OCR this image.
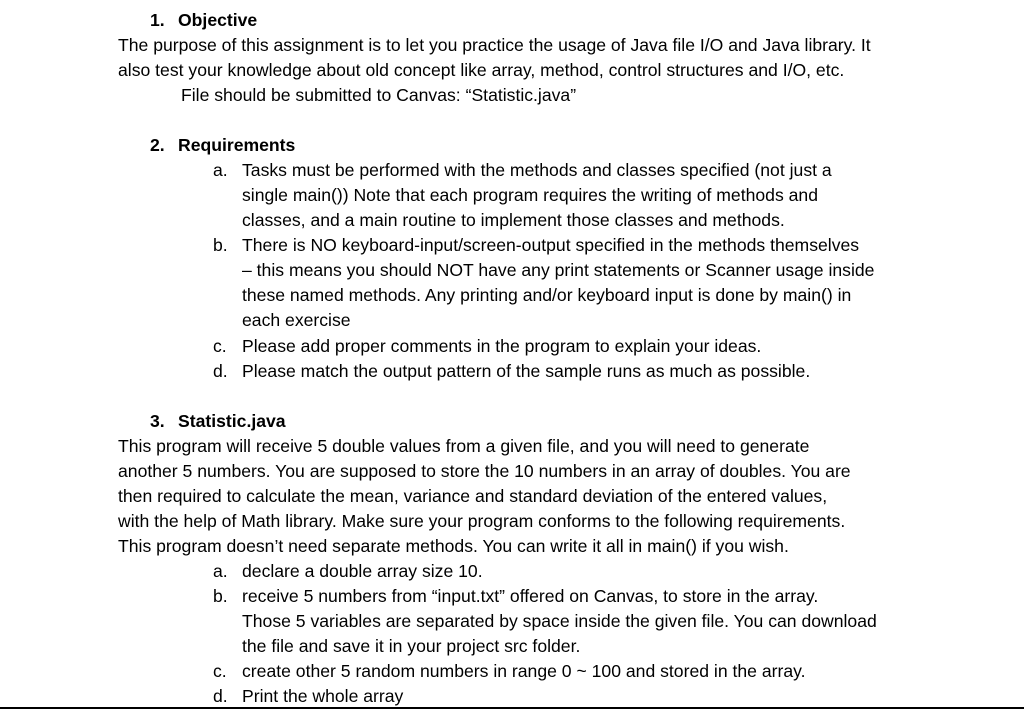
1. Objective
The purpose of this assignment is to let you practice the usage of Java file I/O and Java library. It
also test your knowledge about old concept like array, method, control structures and I/O, etc.
File should be submitted to Canvas: “Statistic.java”
2. Requirements
a. Tasks must be performed with the methods and classes specified (not just a
single main()) Note that each program requires the writing of methods and
classes, and a main routine to implement those classes and methods.
b. There is NO keyboard-input/screen-output specified in the methods themselves
– this means you should NOT have any print statements or Scanner usage inside
these named methods. Any printing and/or keyboard input is done by main() in
each exercise
c. Please add proper comments in the program to explain your ideas.
d. Please match the output pattern of the sample runs as much as possible.
3. Statistic.java
This program will receive 5 double values from a given file, and you will need to generate
another 5 numbers. You are supposed to store the 10 numbers in an array of doubles. You are
then required to calculate the mean, variance and standard deviation of the entered values,
with the help of Math library. Make sure your program conforms to the following requirements.
This program doesn’t need separate methods. You can write it all in main() if you wish.
a. declare a double array size 10.
b. receive 5 numbers from “input.txt” offered on Canvas, to store in the array.
Those 5 variables are separated by space inside the given file. You can download
the file and save it in your project src folder.
c. create other 5 random numbers in range 0 ~ 100 and stored in the array.
d. Print the whole array
